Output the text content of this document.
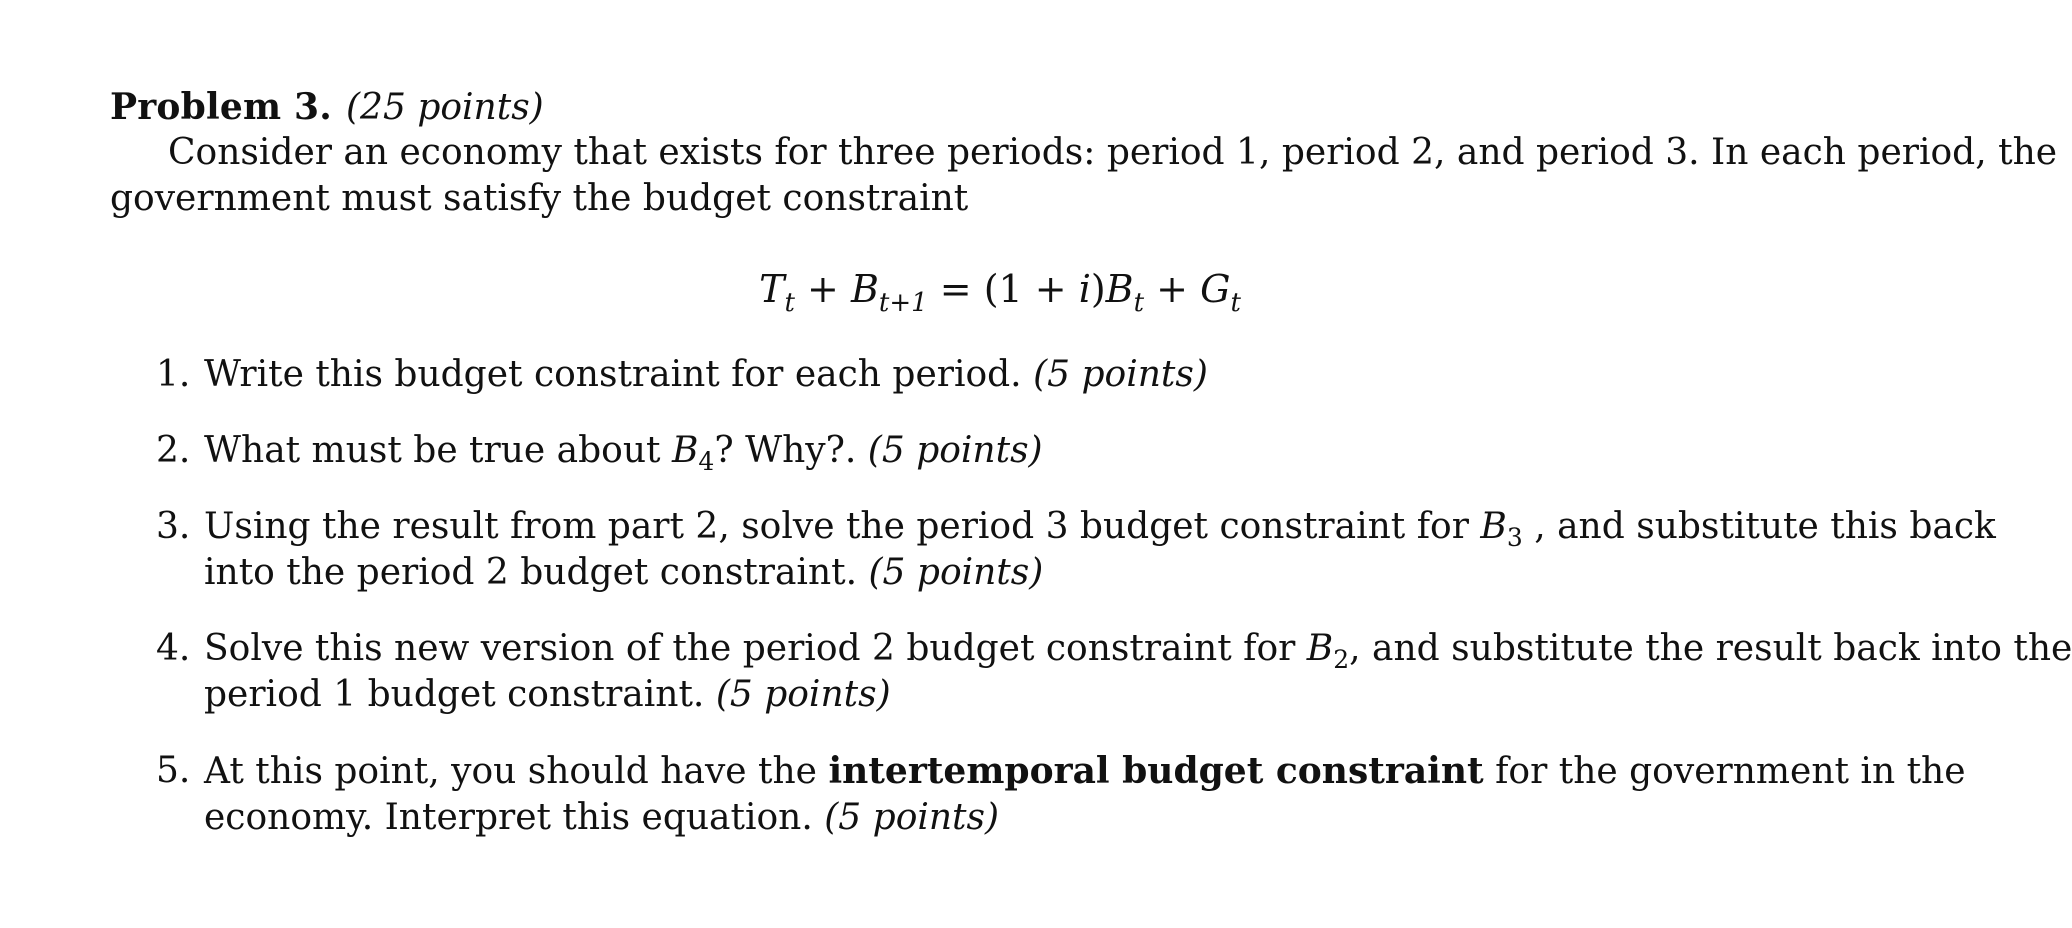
Problem 3. (25 points)
Consider an economy that exists for three periods: period 1, period 2, and period 3. In each period, the
government must satisfy the budget constraint
$T_t + B_{t+1} = (1 + i)B_t + G_t$
1. Write this budget constraint for each period. (5 points)
2. What must be true about $B_4$? Why?. (5 points)
3. Using the result from part 2, solve the period 3 budget constraint for $B_3$ , and substitute this back
into the period 2 budget constraint. (5 points)
4. Solve this new version of the period 2 budget constraint for $B_2$, and substitute the result back into the
period 1 budget constraint. (5 points)
5. At this point, you should have the intertemporal budget constraint for the government in the
economy. Interpret this equation. (5 points)
